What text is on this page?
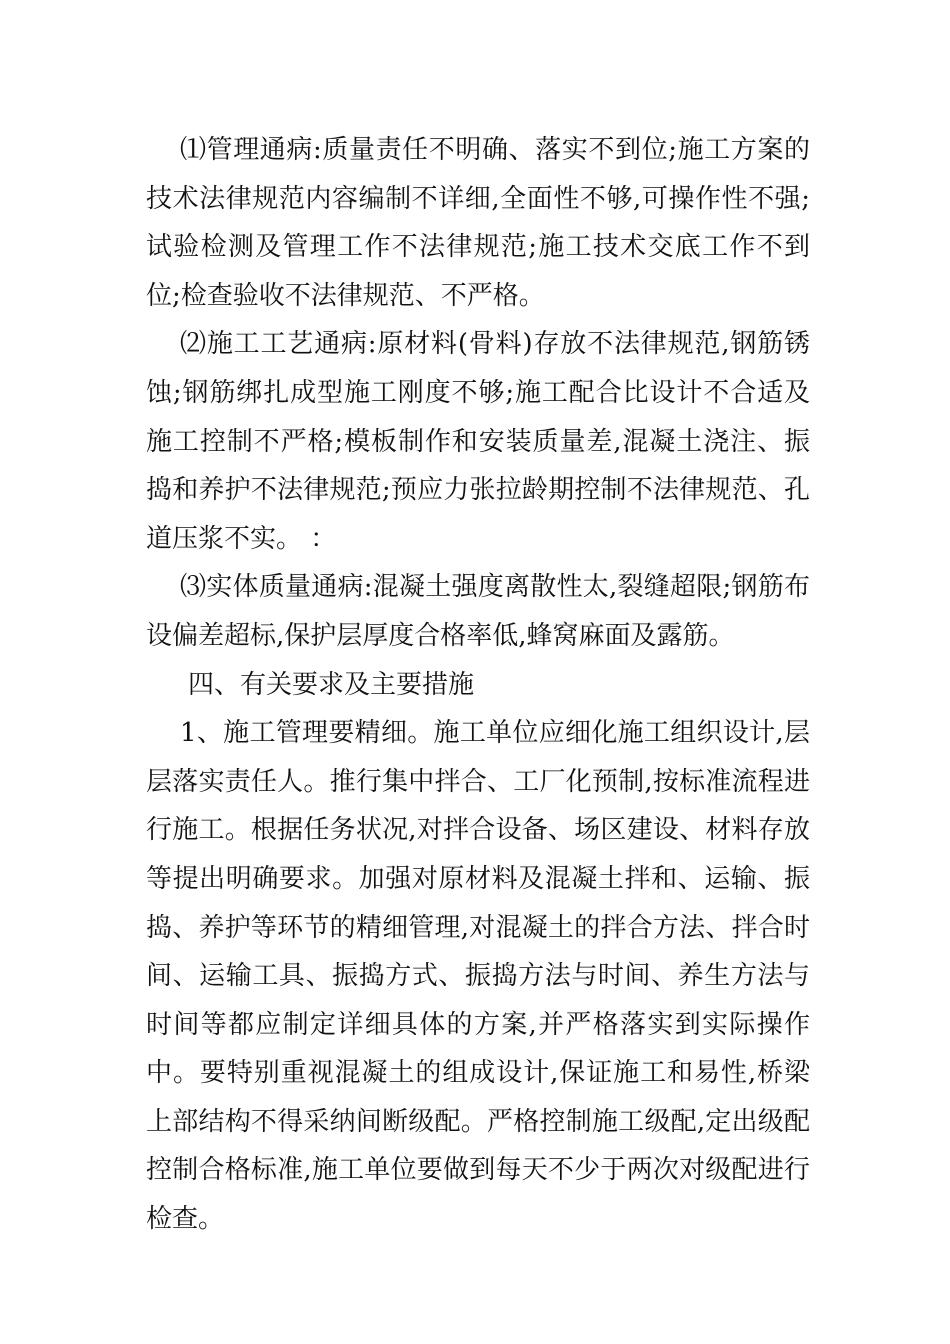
⑴管理通病:质量责任不明确、落实不到位;施工方案的技术法律规范内容编制不详细,全面性不够,可操作性不强;试验检测及管理工作不法律规范;施工技术交底工作不到位;检查验收不法律规范、不严格。

⑵施工工艺通病:原材料(骨料)存放不法律规范,钢筋锈蚀;钢筋绑扎成型施工刚度不够;施工配合比设计不合适及施工控制不严格;模板制作和安装质量差,混凝土浇注、振捣和养护不法律规范;预应力张拉龄期控制不法律规范、孔道压浆不实。 ：

⑶实体质量通病:混凝土强度离散性太,裂缝超限;钢筋布设偏差超标,保护层厚度合格率低,蜂窝麻面及露筋。

四、有关要求及主要措施

1、施工管理要精细。施工单位应细化施工组织设计,层层落实责任人。推行集中拌合、工厂化预制,按标准流程进行施工。根据任务状况,对拌合设备、场区建设、材料存放等提出明确要求。加强对原材料及混凝土拌和、运输、振捣、养护等环节的精细管理,对混凝土的拌合方法、拌合时间、运输工具、振捣方式、振捣方法与时间、养生方法与时间等都应制定详细具体的方案,并严格落实到实际操作中。要特别重视混凝土的组成设计,保证施工和易性,桥梁上部结构不得采纳间断级配。严格控制施工级配,定出级配控制合格标准,施工单位要做到每天不少于两次对级配进行检查。
